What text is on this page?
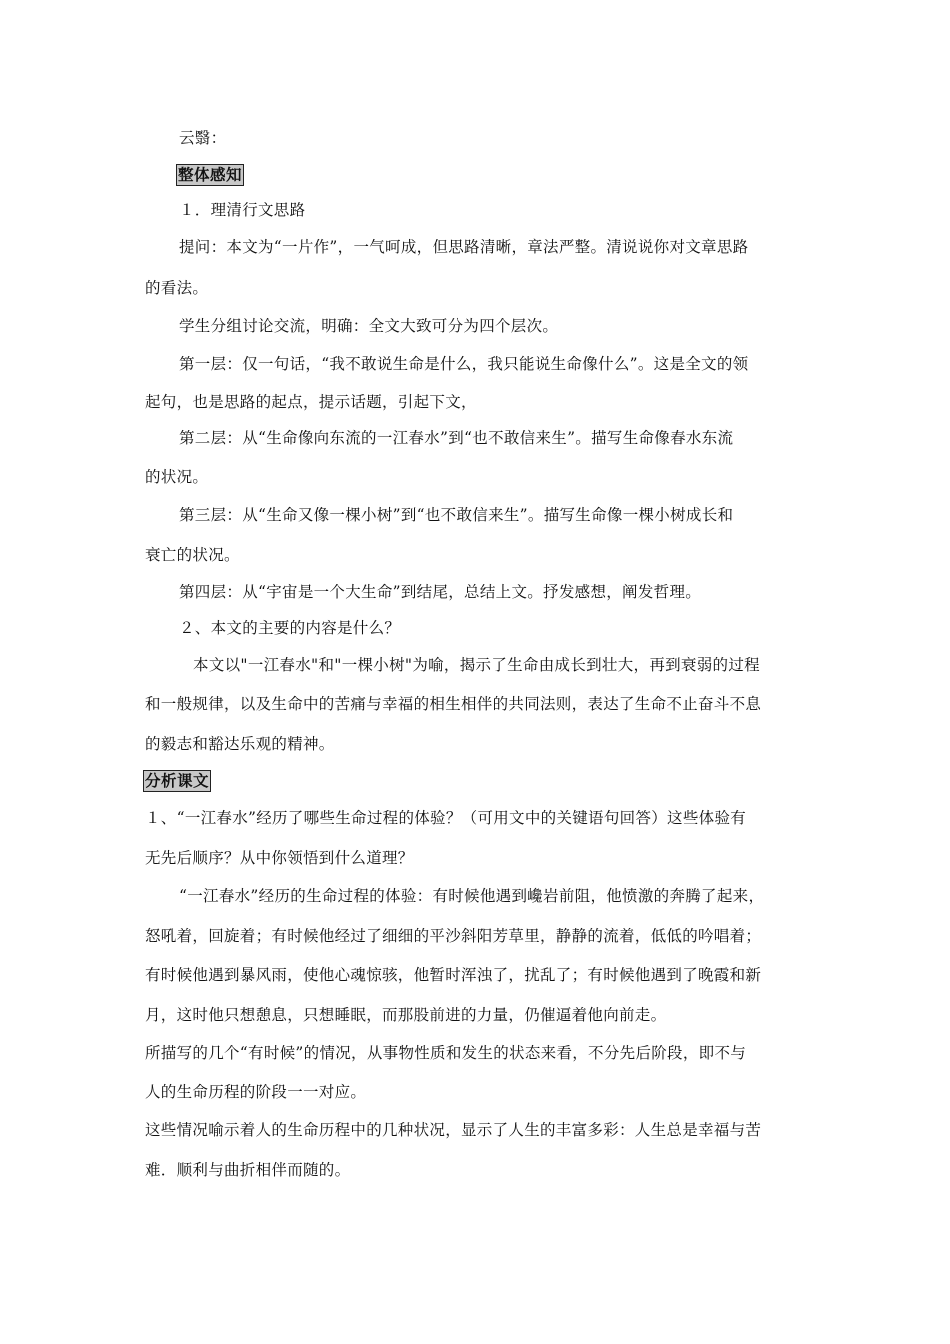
云翳：
整体感知
１．理清行文思路
提问：本文为“一片作”，一气呵成，但思路清晰，章法严整。清说说你对文章思路
的看法。
学生分组讨论交流，明确：全文大致可分为四个层次。
第一层：仅一句话，“我不敢说生命是什么，我只能说生命像什么”。这是全文的领
起句，也是思路的起点，提示话题，引起下文，
第二层：从“生命像向东流的一江春水”到“也不敢信来生”。描写生命像春水东流
的状况。
第三层：从“生命又像一棵小树”到“也不敢信来生”。描写生命像一棵小树成长和
衰亡的状况。
第四层：从“宇宙是一个大生命”到结尾，总结上文。抒发感想，阐发哲理。
２、本文的主要的内容是什么？
本文以"一江春水"和"一棵小树"为喻，揭示了生命由成长到壮大，再到衰弱的过程
和一般规律，以及生命中的苦痛与幸福的相生相伴的共同法则，表达了生命不止奋斗不息
的毅志和豁达乐观的精神。
分析课文
１、“一江春水”经历了哪些生命过程的体验？（可用文中的关键语句回答）这些体验有
无先后顺序？从中你领悟到什么道理？
“一江春水”经历的生命过程的体验：有时候他遇到巉岩前阻，他愤激的奔腾了起来，
怒吼着，回旋着；有时候他经过了细细的平沙斜阳芳草里，静静的流着，低低的吟唱着；
有时候他遇到暴风雨，使他心魂惊骇，他暂时浑浊了，扰乱了；有时候他遇到了晚霞和新
月，这时他只想憩息，只想睡眠，而那股前进的力量，仍催逼着他向前走。
所描写的几个“有时候”的情况，从事物性质和发生的状态来看，不分先后阶段，即不与
人的生命历程的阶段一一对应。
这些情况喻示着人的生命历程中的几种状况，显示了人生的丰富多彩：人生总是幸福与苦
难．顺利与曲折相伴而随的。
